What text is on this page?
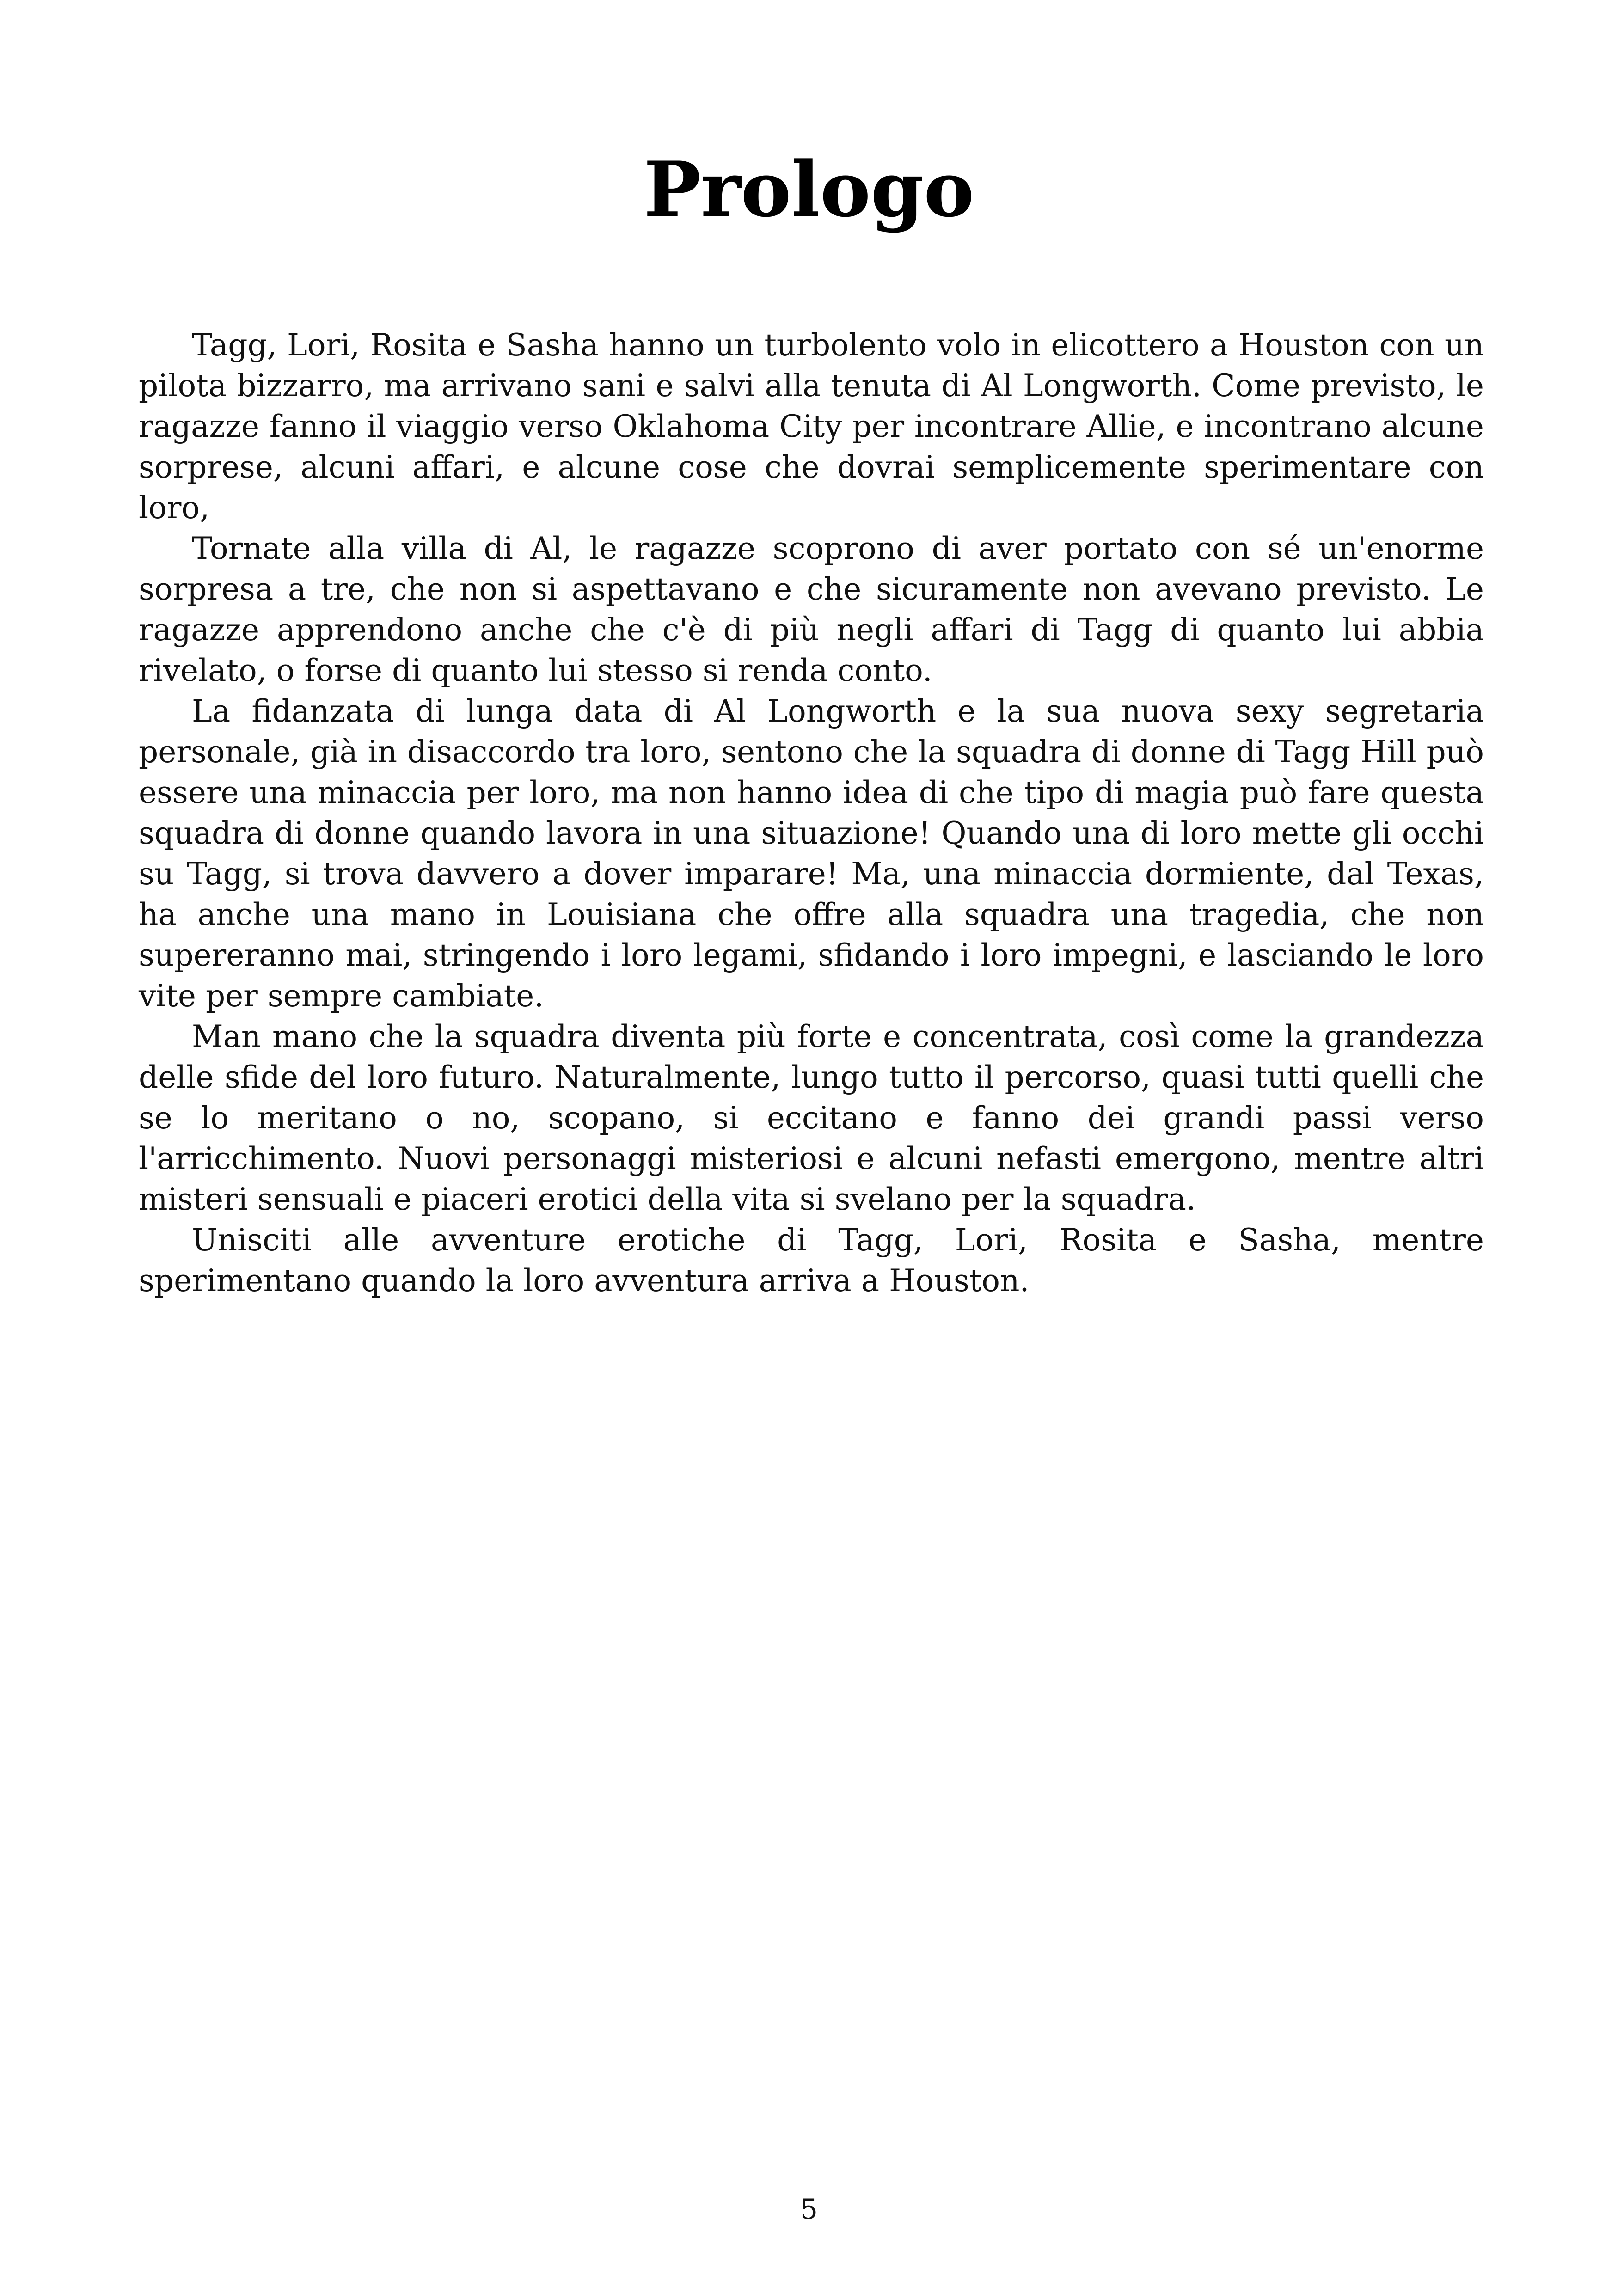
Prologo

Tagg, Lori, Rosita e Sasha hanno un turbolento volo in elicottero a Houston con un pilota bizzarro, ma arrivano sani e salvi alla tenuta di Al Longworth. Come previsto, le ragazze fanno il viaggio verso Oklahoma City per incontrare Allie, e incontrano alcune sorprese, alcuni affari, e alcune cose che dovrai semplicemente sperimentare con loro,

Tornate alla villa di Al, le ragazze scoprono di aver portato con sé un'enorme sorpresa a tre, che non si aspettavano e che sicuramente non avevano previsto. Le ragazze apprendono anche che c'è di più negli affari di Tagg di quanto lui abbia rivelato, o forse di quanto lui stesso si renda conto.

La fidanzata di lunga data di Al Longworth e la sua nuova sexy segretaria personale, già in disaccordo tra loro, sentono che la squadra di donne di Tagg Hill può essere una minaccia per loro, ma non hanno idea di che tipo di magia può fare questa squadra di donne quando lavora in una situazione! Quando una di loro mette gli occhi su Tagg, si trova davvero a dover imparare! Ma, una minaccia dormiente, dal Texas, ha anche una mano in Louisiana che offre alla squadra una tragedia, che non supereranno mai, stringendo i loro legami, sfidando i loro impegni, e lasciando le loro vite per sempre cambiate.

Man mano che la squadra diventa più forte e concentrata, così come la grandezza delle sfide del loro futuro. Naturalmente, lungo tutto il percorso, quasi tutti quelli che se lo meritano o no, scopano, si eccitano e fanno dei grandi passi verso l'arricchimento. Nuovi personaggi misteriosi e alcuni nefasti emergono, mentre altri misteri sensuali e piaceri erotici della vita si svelano per la squadra.

Unisciti alle avventure erotiche di Tagg, Lori, Rosita e Sasha, mentre sperimentano quando la loro avventura arriva a Houston.

5
